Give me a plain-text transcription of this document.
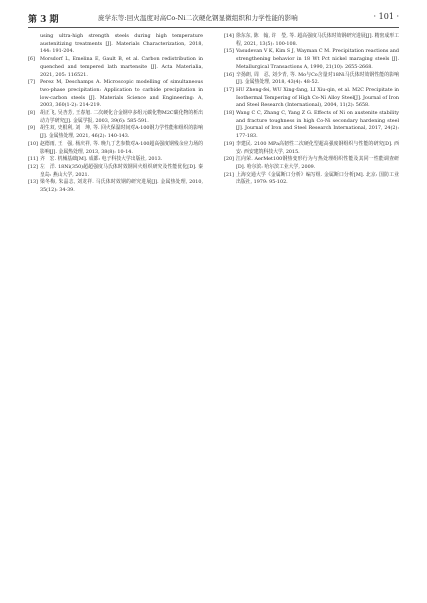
第 3 期	庞学东等:回火温度对高Co-Ni二次硬化钢显微组织和力学性能的影响	· 101 ·
using ultra-high strength steels during high temperature austenitizing treatments [J]. Materials Characterization, 2018, 144: 191-204.
[6] Morsdorf L, Emelina E, Gault B, et al. Carbon redistribution in quenched and tempered lath martensite [J]. Acta Materialia, 2021, 205: 116521.
[7] Perez M, Deschamps A. Microscopic modelling of simultaneous two-phase precipitation: Application to carbide precipitation in low-carbon steels [J]. Materials Science and Engineering: A, 2003, 360(1-2): 214-219.
[8] 胡正飞, 吴杏芳, 王春旭. 二次硬化合金钢中多组元碳化物M2C碳化物的析出动力学研究[J]. 金属学报, 2003, 39(6): 585-591.
[9] 胡生双, 史根利, 刘　坤, 等. 回火保温时间对A-100钢力学性能和组织的影响[J]. 金属热处理, 2021, 46(2): 140-143.
[10] 赵德雨, 王　强, 杨庆祥, 等. 晚九丁艺参数对A-100超高强度钢残余应力场的影响[J]. 金属热处理, 2013, 38(8): 10-14.
[11] 齐　宏. 机械基础[M]. 成都: 电子科技大学出版社, 2013.
[12] 左　洋. 18Ni(350)超超强度马氏体时效钢回火组织研究及性能优化[D]. 秦皇岛: 燕山大学, 2021.
[13] 梁冬梅, 朱晶志, 刘龙祥. 马氏体时效钢的研究进展[J]. 金属热处理, 2010, 35(12): 34-39.
[14] 徐东东, 陈　翰, 许　瑩, 等. 超高强度马氏体时效钢研究进展[J]. 精密成形工程, 2021, 13(5): 100-108.
[15] Vasudevan V K, Kim S J, Wayman C M. Precipitation reactions and strengthening behavior in 18 Wt Pct nickel maraging steels [J]. Metallurgical Transactions A, 1990, 21(10): 2655-2668.
[16] 辛扬朗, 周　忍, 刘少青, 等. Mo与Co含量对18Ni马氏体时效钢性能的影响[J]. 金属热处理, 2018, 43(4): 48-52.
[17] HU Zheng-fei, WU Xing-fang, LI Xiu-qin, et al. M2C Precipitate in Isothermal Tempering of High Co-Ni Alloy Steel[J]. Journal of Iron and Steel Research (International), 2004, 11(2): 5658.
[18] Wang C C, Zhang C, Yang Z G. Effects of Ni on austenite stability and fracture toughness in high Co-Ni secondary hardening steel [J]. Journal of Iron and Steel Research International, 2017, 24(2): 177-183.
[19] 李建民. 2100 MPa高韧性二次硬化型超高强度钢组织与性能的研究[D]. 西安: 西安建筑科技大学, 2015.
[20] 江向荣. AerMet100钢热变形行为与热处理组织性能及其同一性能调查研[D]. 哈尔滨: 哈尔滨工业大学, 2009.
[21] 上海交通大学《金属断口分析》编写组. 金属断口分析[M]. 北京: 国防工业出版社, 1979: 95-102.
